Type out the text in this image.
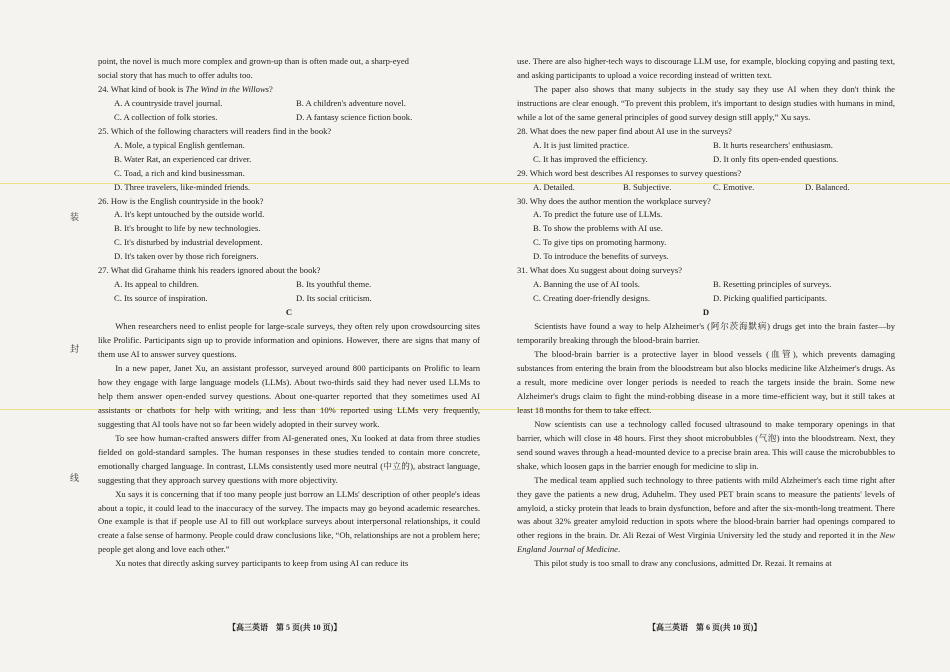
装
封
线
point, the novel is much more complex and grown-up than is often made out, a sharp-eyed
social story that has much to offer adults too.
24. What kind of book is The Wind in the Willows?
A. A countryside travel journal.	B. A children's adventure novel.
C. A collection of folk stories.	D. A fantasy science fiction book.
25. Which of the following characters will readers find in the book?
A. Mole, a typical English gentleman.
B. Water Rat, an experienced car driver.
C. Toad, a rich and kind businessman.
D. Three travelers, like-minded friends.
26. How is the English countryside in the book?
A. It's kept untouched by the outside world.
B. It's brought to life by new technologies.
C. It's disturbed by industrial development.
D. It's taken over by those rich foreigners.
27. What did Grahame think his readers ignored about the book?
A. Its appeal to children.	B. Its youthful theme.
C. Its source of inspiration.	D. Its social criticism.
C

When researchers need to enlist people for large-scale surveys, they often rely upon crowdsourcing sites like Prolific. Participants sign up to provide information and opinions. However, there are signs that many of them use AI to answer survey questions.

In a new paper, Janet Xu, an assistant professor, surveyed around 800 participants on Prolific to learn how they engage with large language models (LLMs). About two-thirds said they had never used LLMs to help them answer open-ended survey questions. About one-quarter reported that they sometimes used AI assistants or chatbots for help with writing, and less than 10% reported using LLMs very frequently, suggesting that AI tools have not so far been widely adopted in their survey work.

To see how human-crafted answers differ from AI-generated ones, Xu looked at data from three studies fielded on gold-standard samples. The human responses in these studies tended to contain more concrete, emotionally charged language. In contrast, LLMs consistently used more neutral (中立的), abstract language, suggesting that they approach survey questions with more objectivity.

Xu says it is concerning that if too many people just borrow an LLMs' description of other people's ideas about a topic, it could lead to the inaccuracy of the survey. The impacts may go beyond academic researches. One example is that if people use AI to fill out workplace surveys about interpersonal relationships, it could create a false sense of harmony. People could draw conclusions like, “Oh, relationships are not a problem here; people get along and love each other.”

Xu notes that directly asking survey participants to keep from using AI can reduce its

【高三英语　第 5 页(共 10 页)】

use. There are also higher-tech ways to discourage LLM use, for example, blocking copying and pasting text, and asking participants to upload a voice recording instead of written text.

The paper also shows that many subjects in the study say they use AI when they don't think the instructions are clear enough. “To prevent this problem, it's important to design studies with humans in mind, while a lot of the same general principles of good survey design still apply,” Xu says.

28. What does the new paper find about AI use in the surveys?
A. It is just limited practice.	B. It hurts researchers' enthusiasm.
C. It has improved the efficiency.	D. It only fits open-ended questions.
29. Which word best describes AI responses to survey questions?
A. Detailed.	B. Subjective.	C. Emotive.	D. Balanced.
30. Why does the author mention the workplace survey?
A. To predict the future use of LLMs.
B. To show the problems with AI use.
C. To give tips on promoting harmony.
D. To introduce the benefits of surveys.
31. What does Xu suggest about doing surveys?
A. Banning the use of AI tools.	B. Resetting principles of surveys.
C. Creating doer-friendly designs.	D. Picking qualified participants.
D

Scientists have found a way to help Alzheimer's (阿尔茨海默病) drugs get into the brain faster—by temporarily breaking through the blood-brain barrier.

The blood-brain barrier is a protective layer in blood vessels (血管), which prevents damaging substances from entering the brain from the bloodstream but also blocks medicine like Alzheimer's drugs. As a result, more medicine over longer periods is needed to reach the targets inside the brain. Some new Alzheimer's drugs claim to fight the mind-robbing disease in a more time-efficient way, but it still takes at least 18 months for them to take effect.

Now scientists can use a technology called focused ultrasound to make temporary openings in that barrier, which will close in 48 hours. First they shoot microbubbles (气泡) into the bloodstream. Next, they send sound waves through a head-mounted device to a precise brain area. This will cause the microbubbles to shake, which loosen gaps in the barrier enough for medicine to slip in.

The medical team applied such technology to three patients with mild Alzheimer's each time right after they gave the patients a new drug, Aduhelm. They used PET brain scans to measure the patients' levels of amyloid, a sticky protein that leads to brain dysfunction, before and after the six-month-long treatment. There was about 32% greater amyloid reduction in spots where the blood-brain barrier had openings compared to other regions in the brain. Dr. Ali Rezai of West Virginia University led the study and reported it in the New England Journal of Medicine.

This pilot study is too small to draw any conclusions, admitted Dr. Rezai. It remains at

【高三英语　第 6 页(共 10 页)】
